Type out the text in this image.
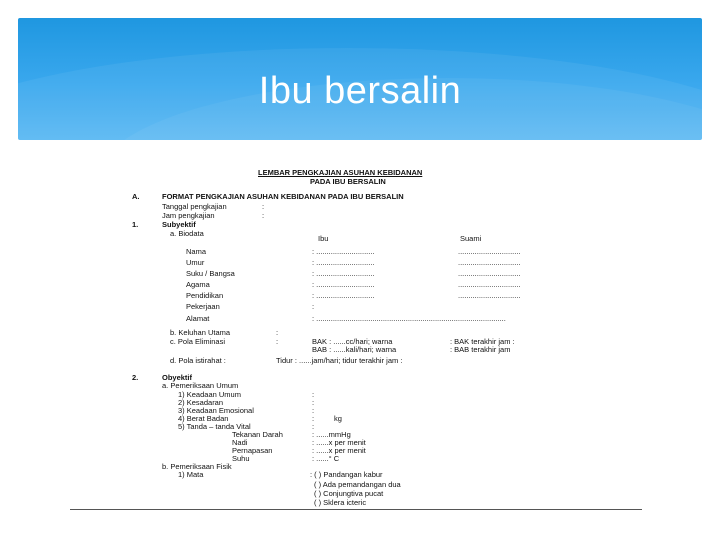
Ibu bersalin
LEMBAR PENGKAJIAN ASUHAN KEBIDANAN
PADA IBU BERSALIN
A.	FORMAT PENGKAJIAN ASUHAN KEBIDANAN PADA IBU BERSALIN
Tanggal pengkajian	:
Jam pengkajian	:
1.	Subyektif
a. Biodata
Ibu	Suami
Nama	: ............................	..............................
Umur	: ............................	..............................
Suku / Bangsa	: ............................	..............................
Agama	: ............................	..............................
Pendidikan	: ............................	..............................
Pekerjaan	:
Alamat	: ...........................................................................................
b. Keluhan Utama	:
c. Pola Eliminasi	:	BAK : ......cc/hari; warna	: BAK terakhir jam :
BAB : ......kali/hari; warna	: BAB terakhir jam
d. Pola istirahat :	Tidur : ......jam/hari; tidur terakhir jam :
2.	Obyektif
a. Pemeriksaan Umum
1) Keadaan Umum	:
2) Kesadaran	:
3) Keadaan Emosional	:
4) Berat Badan	:	kg
5) Tanda – tanda Vital	:
Tekanan Darah	: ......mmHg
Nadi	: ......x per menit
Pernapasan	: ......x per menit
Suhu	: ......° C
b. Pemeriksaan Fisik
1) Mata	: ( ) Pandangan kabur
( ) Ada pemandangan dua
( ) Conjungtiva pucat
( ) Sklera icteric
